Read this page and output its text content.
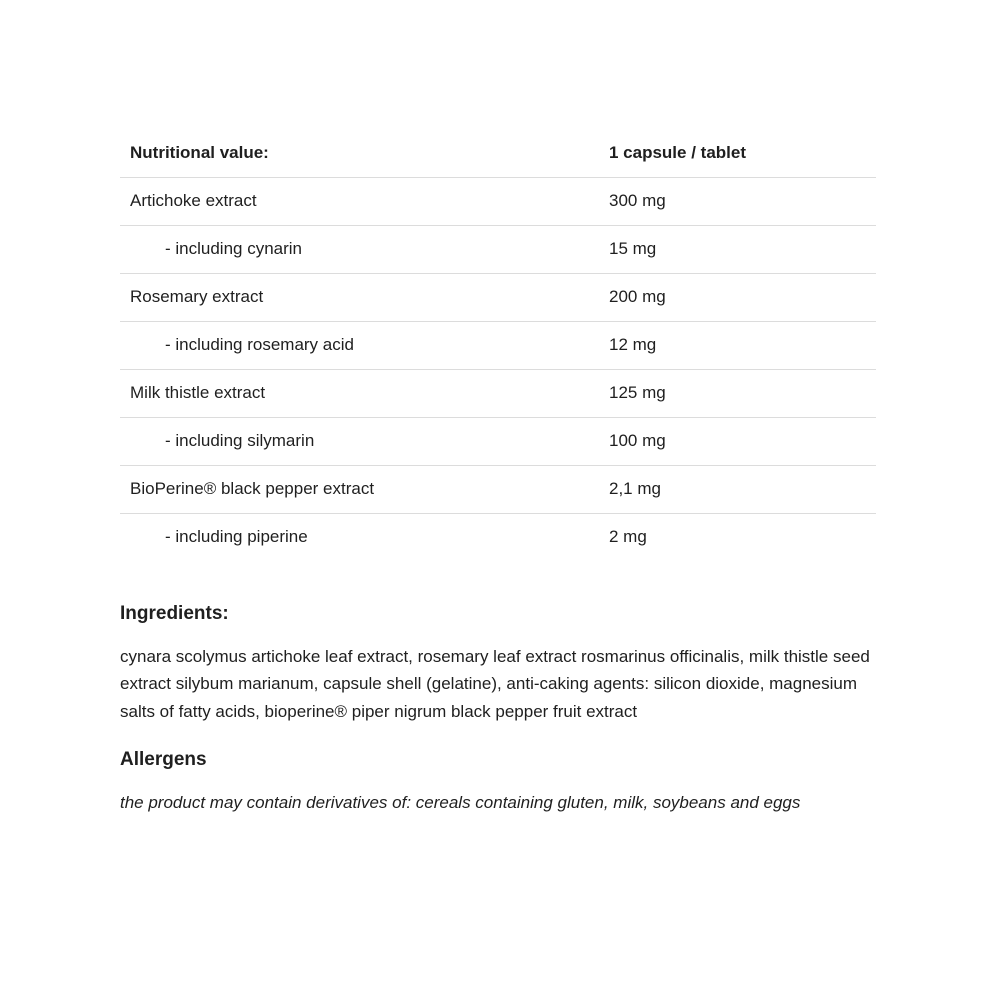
Nutritional value:	1 capsule / tablet
Artichoke extract	300 mg
- including cynarin	15 mg
Rosemary extract	200 mg
- including rosemary acid	12 mg
Milk thistle extract	125 mg
- including silymarin	100 mg
BioPerine® black pepper extract	2,1 mg
- including piperine	2 mg
Ingredients:

cynara scolymus artichoke leaf extract, rosemary leaf extract rosmarinus officinalis, milk thistle seed extract silybum marianum, capsule shell (gelatine), anti-caking agents: silicon dioxide, magnesium salts of fatty acids, bioperine® piper nigrum black pepper fruit extract

Allergens

the product may contain derivatives of: cereals containing gluten, milk, soybeans and eggs
